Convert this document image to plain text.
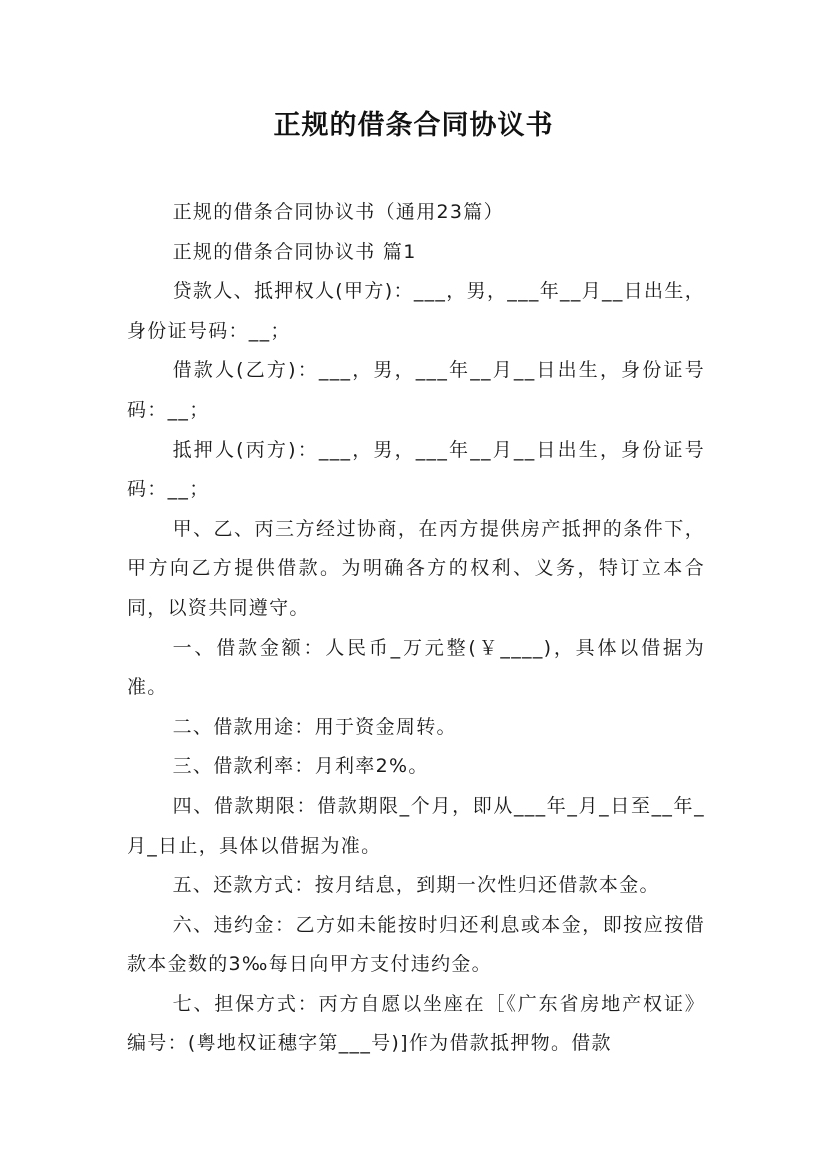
正规的借条合同协议书

正规的借条合同协议书（通用23篇）

正规的借条合同协议书 篇1

贷款人、抵押权人(甲方)：___，男，___年__月__日出生，身份证号码：__；

借款人(乙方)：___，男，___年__月__日出生，身份证号码：__；

抵押人(丙方)：___，男，___年__月__日出生，身份证号码：__；

甲、乙、丙三方经过协商，在丙方提供房产抵押的条件下，甲方向乙方提供借款。为明确各方的权利、义务，特订立本合同，以资共同遵守。

一、借款金额：人民币_万元整(￥____)，具体以借据为准。

二、借款用途：用于资金周转。

三、借款利率：月利率2%。

四、借款期限：借款期限_个月，即从___年_月_日至__年_月_日止，具体以借据为准。

五、还款方式：按月结息，到期一次性归还借款本金。

六、违约金：乙方如未能按时归还利息或本金，即按应按借款本金数的3‰每日向甲方支付违约金。

七、担保方式：丙方自愿以坐座在［《广东省房地产权证》编号：(粤地权证穗字第___号)]作为借款抵押物。借款
